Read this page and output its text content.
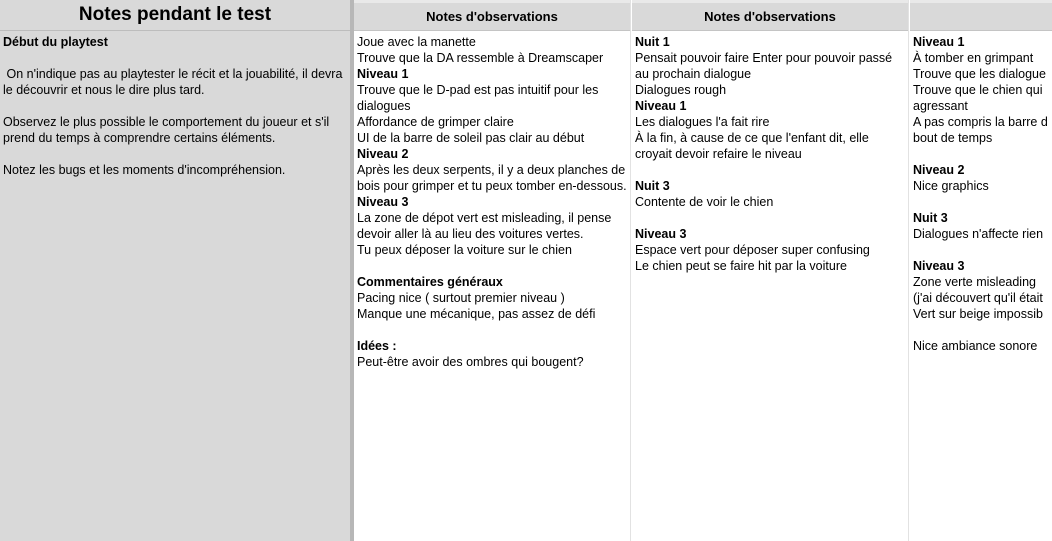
Notes pendant le test
Début du playtest
On n'indique pas au playtester le récit et la jouabilité, il devra le découvrir et nous le dire plus tard.
Observez le plus possible le comportement du joueur et s'il prend du temps à comprendre certains éléments.
Notez les bugs et les moments d'incompréhension.
Notes d'observations
Joue avec la manette
Trouve que la DA ressemble à Dreamscaper
Niveau 1
Trouve que le D-pad est pas intuitif pour les dialogues
Affordance de grimper claire
UI de la barre de soleil pas clair au début
Niveau 2
Après les deux serpents, il y a deux planches de bois pour grimper et tu peux tomber en-dessous.
Niveau 3
La zone de dépot vert est misleading, il pense devoir aller là au lieu des voitures vertes.
Tu peux déposer la voiture sur le chien
Commentaires généraux
Pacing nice ( surtout premier niveau )
Manque une mécanique, pas assez de défi
Idées :
Peut-être avoir des ombres qui bougent?
Notes d'observations
Nuit 1
Pensait pouvoir faire Enter pour pouvoir passé au prochain dialogue
Dialogues rough
Niveau 1
Les dialogues l'a fait rire
À la fin, à cause de ce que l'enfant dit, elle croyait devoir refaire le niveau
Nuit 3
Contente de voir le chien
Niveau 3
Espace vert pour déposer super confusing
Le chien peut se faire hit par la voiture
Niveau 1
À tomber en grimpant
Trouve que les dialogue
Trouve que le chien qui
agressant
A pas compris la barre d
bout de temps
Niveau 2
Nice graphics
Nuit 3
Dialogues n'affecte rien
Niveau 3
Zone verte misleading
(j'ai découvert qu'il était
Vert sur beige impossib
Nice ambiance sonore
